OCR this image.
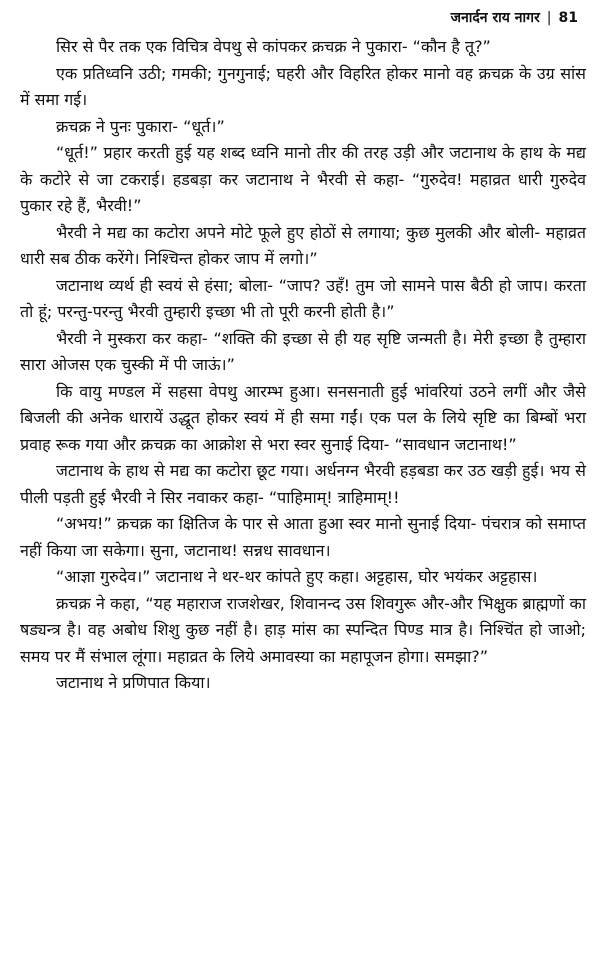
जनार्दन राय नागर | 81

सिर से पैर तक एक विचित्र वेपथु से कांपकर क्रचक्र ने पुकारा- “कौन है तू?”

एक प्रतिध्वनि उठी; गमकी; गुनगुनाई; घहरी और विहरित होकर मानो वह क्रचक्र के उग्र सांस में समा गई।

क्रचक्र ने पुनः पुकारा- “धूर्त।”

“धूर्त!” प्रहार करती हुई यह शब्द ध्वनि मानो तीर की तरह उड़ी और जटानाथ के हाथ के मद्य के कटोरे से जा टकराई। हडबड़ा कर जटानाथ ने भैरवी से कहा- “गुरुदेव! महाव्रत धारी गुरुदेव पुकार रहे हैं, भैरवी!”

भैरवी ने मद्य का कटोरा अपने मोटे फूले हुए होठों से लगाया; कुछ मुलकी और बोली- महाव्रत धारी सब ठीक करेंगे। निश्चिन्त होकर जाप में लगो।”

जटानाथ व्यर्थ ही स्वयं से हंसा; बोला- “जाप? उहँ! तुम जो सामने पास बैठी हो जाप। करता तो हूं; परन्तु-परन्तु भैरवी तुम्हारी इच्छा भी तो पूरी करनी होती है।”

भैरवी ने मुस्करा कर कहा- “शक्ति की इच्छा से ही यह सृष्टि जन्मती है। मेरी इच्छा है तुम्हारा सारा ओजस एक चुस्की में पी जाऊं।”

कि वायु मण्डल में सहसा वेपथु आरम्भ हुआ। सनसनाती हुई भांवरियां उठने लगीं और जैसे बिजली की अनेक धारायें उद्धूत होकर स्वयं में ही समा गईं। एक पल के लिये सृष्टि का बिम्बों भरा प्रवाह रूक गया और क्रचक्र का आक्रोश से भरा स्वर सुनाई दिया- “सावधान जटानाथ!”

जटानाथ के हाथ से मद्य का कटोरा छूट गया। अर्धनग्न भैरवी हड़बडा कर उठ खड़ी हुई। भय से पीली पड़ती हुई भैरवी ने सिर नवाकर कहा- “पाहिमाम्! त्राहिमाम्!!

“अभय!” क्रचक्र का क्षितिज के पार से आता हुआ स्वर मानो सुनाई दिया- पंचरात्र को समाप्त नहीं किया जा सकेगा। सुना, जटानाथ! सन्नध सावधान।

“आज्ञा गुरुदेव।” जटानाथ ने थर-थर कांपते हुए कहा। अट्टहास, घोर भयंकर अट्टहास।

क्रचक्र ने कहा, “यह महाराज राजशेखर, शिवानन्द उस शिवगुरू और-और भिक्षुक ब्राह्मणों का षड्यन्त्र है। वह अबोध शिशु कुछ नहीं है। हाड़ मांस का स्पन्दित पिण्ड मात्र है। निश्चिंत हो जाओ; समय पर मैं संभाल लूंगा। महाव्रत के लिये अमावस्या का महापूजन होगा। समझा?”

जटानाथ ने प्रणिपात किया।
